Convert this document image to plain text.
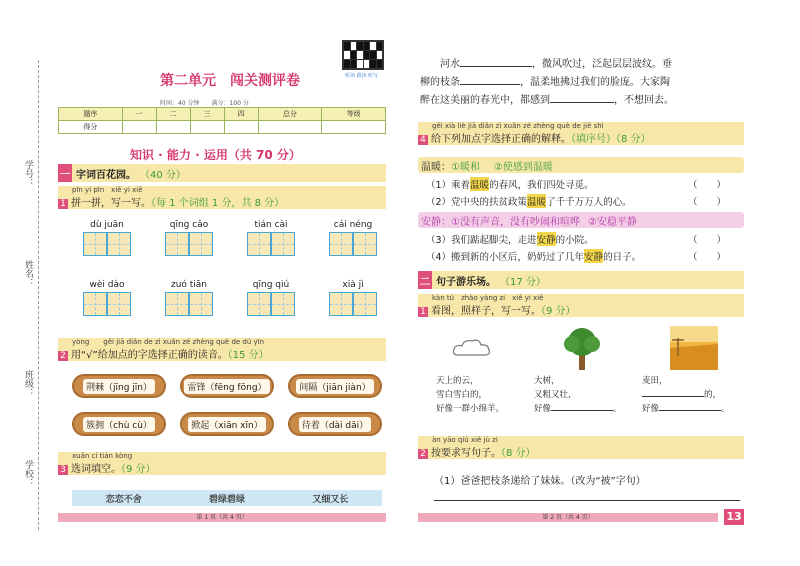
学号：
姓名：
班级：
学校：
听读 跟读 听写
第二单元　闯关测评卷
时间：40 分钟　　满分：100 分
题序	一	二	三	四	总分	等级
得分						
知识 · 能力 · 运用（共 70 分）
一 字词百花园。 （40 分）
pīn yi pīn　xiě yi xiě
1 拼一拼，写一写。（每 1 个词组 1 分，共 8 分）
dù juān	qīng cǎo	tián cài	cái néng
wèi dào	zuó tiān	qīng qiú	xià jì
yòng　　gěi jiā diǎn de zì xuǎn zé zhèng què de dú yīn
2 用“√”给加点的字选择正确的读音。（15 分）
荆棘（jīng jīn）	雷锋（fēng fōng）	间隔（jiān jiàn）
簇拥（chù cù）	掀起（xiān xīn）	待着（dài dāi）
xuǎn cí tián kòng
3 选词填空。（9 分）
恋恋不舍	碧绿碧绿	又细又长
第 1 页（共 4 页）
河水	，微风吹过，泛起层层波纹。垂
柳的枝条	，温柔地拂过我们的脸庞。大家陶
醉在这美丽的春光中，都感到	，不想回去。
gěi xià liè jiā diǎn zì xuǎn zé zhèng què de jiě shì
4 给下列加点字选择正确的解释。（填序号）（8 分）
温暖： ①暖和 ②使感到温暖
（1）乘着 温暖 的春风，我们四处寻觅。	（　　）
（2）党中央的扶贫政策 温暖 了千千万万人的心。	（　　）
安静： ①没有声音，没有吵闹和喧哗 ②安稳平静
（3）我们踮起脚尖，走进 安静 的小院。	（　　）
（4）搬到新的小区后，奶奶过了几年 安静 的日子。	（　　）
二 句子游乐场。 （17 分）
kàn tú　zhào yàng zi　xiě yi xiě
1 看图，照样子，写一写。（9 分）
天上的云，
雪白雪白的，
好像一群小绵羊。
大树，
又粗又壮，
好像	。
麦田，
的，
好像	。
àn yāo qiú xiě jù zi
2 按要求写句子。（8 分）
（1）爸爸把枝条递给了妹妹。（改为“被”字句）
第 2 页（共 4 页）	13
